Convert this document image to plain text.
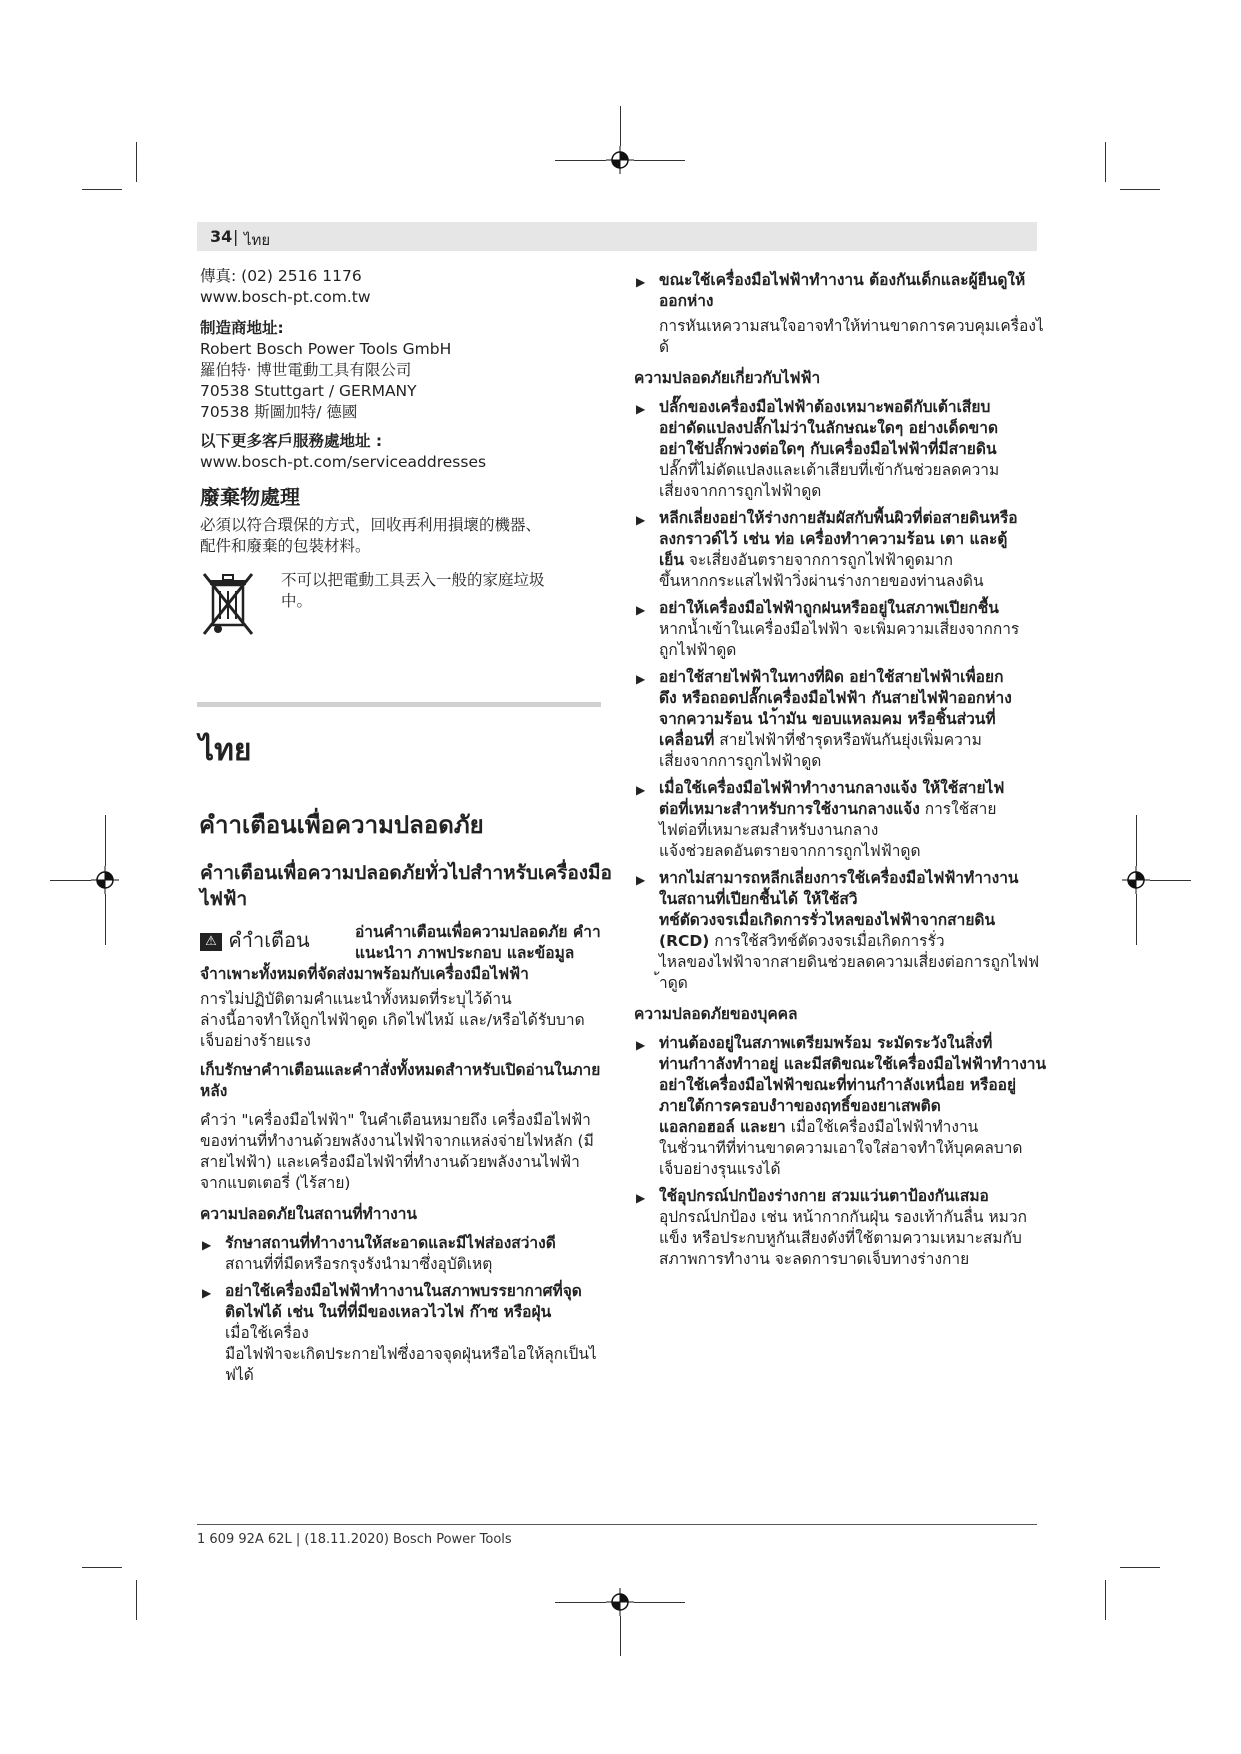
34 | ไทย

傳真: (02) 2516 1176

www.bosch-pt.com.tw

制造商地址:

Robert Bosch Power Tools GmbH

羅伯特· 博世電動工具有限公司

70538 Stuttgart / GERMANY

70538 斯圖加特/ 德國

以下更多客戶服務處地址 :

www.bosch-pt.com/serviceaddresses

廢棄物處理

必須以符合環保的方式，回收再利用損壞的機器、

配件和廢棄的包裝材料。

不可以把電動工具丟入一般的家庭垃圾

中。

ไทย
คำาเตือนเพื่อความปลอดภัย

คำาเตือนเพื่อความปลอดภัยทั่วไปสำาหรับเครื่องมือ

ไฟฟ้า

⚠ คำำเตือน	อ่านคำาเตือนเพื่อความปลอดภัย คำา

แนะนำา ภาพประกอบ และข้อมูล

จำาเพาะทั้งหมดที่จัดส่งมาพร้อมกับเครื่องมือไฟฟ้า

การไม่ปฏิบัติตามคำแนะนำทั้งหมดที่ระบุไว้ด้าน

ล่างนี้อาจทำให้ถูกไฟฟ้าดูด เกิดไฟไหม้ และ/หรือได้รับบาด

เจ็บอย่างร้ายแรง

เก็บรักษาคำาเตือนและคำาสั่งทั้งหมดสำาหรับเปิดอ่านในภาย

หลัง

คำว่า "เครื่องมือไฟฟ้า" ในคำเตือนหมายถึง เครื่องมือไฟฟ้า

ของท่านที่ทำงานด้วยพลังงานไฟฟ้าจากแหล่งจ่ายไฟหลัก (มี

สายไฟฟ้า) และเครื่องมือไฟฟ้าที่ทำงานด้วยพลังงานไฟฟ้า

จากแบตเตอรี่ (ไร้สาย)

ความปลอดภัยในสถานที่ทำางาน

▶ รักษาสถานที่ทำางานให้สะอาดและมีไฟส่องสว่างดี

สถานที่ที่มืดหรือรกรุงรังนำมาซึ่งอุบัติเหตุ

▶ อย่าใช้เครื่องมือไฟฟ้าทำางานในสภาพบรรยากาศที่จุด

ติดไฟได้ เช่น ในที่ที่มีของเหลวไวไฟ ก๊าซ หรือฝุ่น

เมื่อใช้เครื่อง

มือไฟฟ้าจะเกิดประกายไฟซึ่งอาจจุดฝุ่นหรือไอให้ลุกเป็นไ

ฟได้

▶ ขณะใช้เครื่องมือไฟฟ้าทำางาน ต้องกันเด็กและผู้ยืนดูให้

ออกห่าง

การหันเหความสนใจอาจทำให้ท่านขาดการควบคุมเครื่องไ

ด้

ความปลอดภัยเกี่ยวกับไฟฟ้า

▶ ปลั๊กของเครื่องมือไฟฟ้าต้องเหมาะพอดีกับเต้าเสียบ

อย่าดัดแปลงปลั๊กไม่ว่าในลักษณะใดๆ อย่างเด็ดขาด

อย่าใช้ปลั๊กพ่วงต่อใดๆ กับเครื่องมือไฟฟ้าที่มีสายดิน

ปลั๊กที่ไม่ดัดแปลงและเต้าเสียบที่เข้ากันช่วยลดความ

เสี่ยงจากการถูกไฟฟ้าดูด

▶ หลีกเลี่ยงอย่าให้ร่างกายสัมผัสกับพื้นผิวที่ต่อสายดินหรือ

ลงกราวด์ไว้ เช่น ท่อ เครื่องทำาความร้อน เตา และตู้

เย็น จะเสี่ยงอันตรายจากการถูกไฟฟ้าดูดมาก

ขึ้นหากกระแสไฟฟ้าวิ่งผ่านร่างกายของท่านลงดิน

▶ อย่าให้เครื่องมือไฟฟ้าถูกฝนหรืออยู่ในสภาพเปียกชื้น

หากน้ำเข้าในเครื่องมือไฟฟ้า จะเพิ่มความเสี่ยงจากการ

ถูกไฟฟ้าดูด

▶ อย่าใช้สายไฟฟ้าในทางที่ผิด อย่าใช้สายไฟฟ้าเพื่อยก

ดึง หรือถอดปลั๊กเครื่องมือไฟฟ้า กันสายไฟฟ้าออกห่าง

จากความร้อน นำ้ามัน ขอบแหลมคม หรือชิ้นส่วนที่

เคลื่อนที่ สายไฟฟ้าที่ชำรุดหรือพันกันยุ่งเพิ่มความ

เสี่ยงจากการถูกไฟฟ้าดูด

▶ เมื่อใช้เครื่องมือไฟฟ้าทำางานกลางแจ้ง ให้ใช้สายไฟ

ต่อที่เหมาะสำาหรับการใช้งานกลางแจ้ง การใช้สาย

ไฟต่อที่เหมาะสมสำหรับงานกลาง

แจ้งช่วยลดอันตรายจากการถูกไฟฟ้าดูด

▶ หากไม่สามารถหลีกเลี่ยงการใช้เครื่องมือไฟฟ้าทำางาน

ในสถานที่เปียกชื้นได้ ให้ใช้สวิ

ทช์ตัดวงจรเมื่อเกิดการรั่วไหลของไฟฟ้าจากสายดิน

(RCD) การใช้สวิทช์ตัดวงจรเมื่อเกิดการรั่ว

ไหลของไฟฟ้าจากสายดินช่วยลดความเสี่ยงต่อการถูกไฟฟ

้าดูด

ความปลอดภัยของบุคคล

▶ ท่านต้องอยู่ในสภาพเตรียมพร้อม ระมัดระวังในสิ่งที่

ท่านกำาลังทำาอยู่ และมีสติขณะใช้เครื่องมือไฟฟ้าทำางาน

อย่าใช้เครื่องมือไฟฟ้าขณะที่ท่านกำาลังเหนื่อย หรืออยู่

ภายใต้การครอบงำาของฤทธิ์ของยาเสพติด

แอลกอฮอล์ และยา เมื่อใช้เครื่องมือไฟฟ้าทำงาน

ในชั่วนาทีที่ท่านขาดความเอาใจใส่อาจทำให้บุคคลบาด

เจ็บอย่างรุนแรงได้

▶ ใช้อุปกรณ์ปกป้องร่างกาย สวมแว่นตาป้องกันเสมอ

อุปกรณ์ปกป้อง เช่น หน้ากากกันฝุ่น รองเท้ากันลื่น หมวก

แข็ง หรือประกบหูกันเสียงดังที่ใช้ตามความเหมาะสมกับ

สภาพการทำงาน จะลดการบาดเจ็บทางร่างกาย

1 609 92A 62L | (18.11.2020) Bosch Power Tools
